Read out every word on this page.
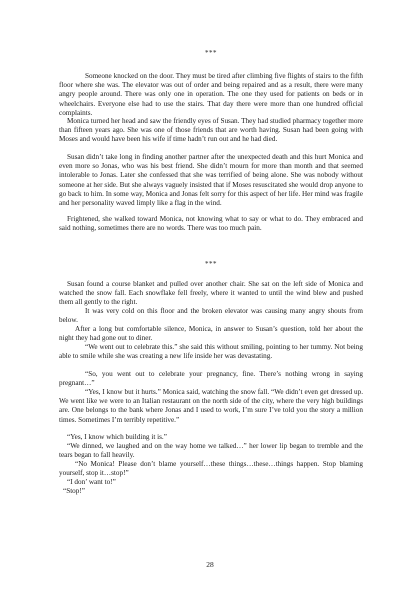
***

Someone knocked on the door. They must be tired after climbing five flights of stairs to the fifth floor where she was. The elevator was out of order and being repaired and as a result, there were many angry people around. There was only one in operation. The one they used for patients on beds or in wheelchairs. Everyone else had to use the stairs. That day there were more than one hundred official complaints.

Monica turned her head and saw the friendly eyes of Susan. They had studied pharmacy together more than fifteen years ago. She was one of those friends that are worth having. Susan had been going with Moses and would have been his wife if time hadn’t run out and he had died.

Susan didn’t take long in finding another partner after the unexpected death and this hurt Monica and even more so Jonas, who was his best friend. She didn’t mourn for more than month and that seemed intolerable to Jonas. Later she confessed that she was terrified of being alone. She was nobody without someone at her side. But she always vaguely insisted that if Moses resuscitated she would drop anyone to go back to him. In some way, Monica and Jonas felt sorry for this aspect of her life. Her mind was fragile and her personality waved limply like a flag in the wind.

Frightened, she walked toward Monica, not knowing what to say or what to do. They embraced and said nothing, sometimes there are no words. There was too much pain.

***

Susan found a course blanket and pulled over another chair. She sat on the left side of Monica and watched the snow fall. Each snowflake fell freely, where it wanted to until the wind blew and pushed them all gently to the right.

It was very cold on this floor and the broken elevator was causing many angry shouts from below.

After a long but comfortable silence, Monica, in answer to Susan’s question, told her about the night they had gone out to diner.

“We went out to celebrate this.” she said this without smiling, pointing to her tummy. Not being able to smile while she was creating a new life inside her was devastating.

“So, you went out to celebrate your pregnancy, fine. There’s nothing wrong in saying pregnant…”

“Yes, I know but it hurts.” Monica said, watching the snow fall. “We didn’t even get dressed up. We went like we were to an Italian restaurant on the north side of the city, where the very high buildings are. One belongs to the bank where Jonas and I used to work, I’m sure I’ve told you the story a million times. Sometimes I’m terribly repetitive.”

“Yes, I know which building it is.”

“We dinned, we laughed and on the way home we talked…” her lower lip began to tremble and the tears began to fall heavily.

“No Monica! Please don’t blame yourself…these things…these…things happen. Stop blaming yourself, stop it…stop!”

“I don’ want to!”

“Stop!”

28
